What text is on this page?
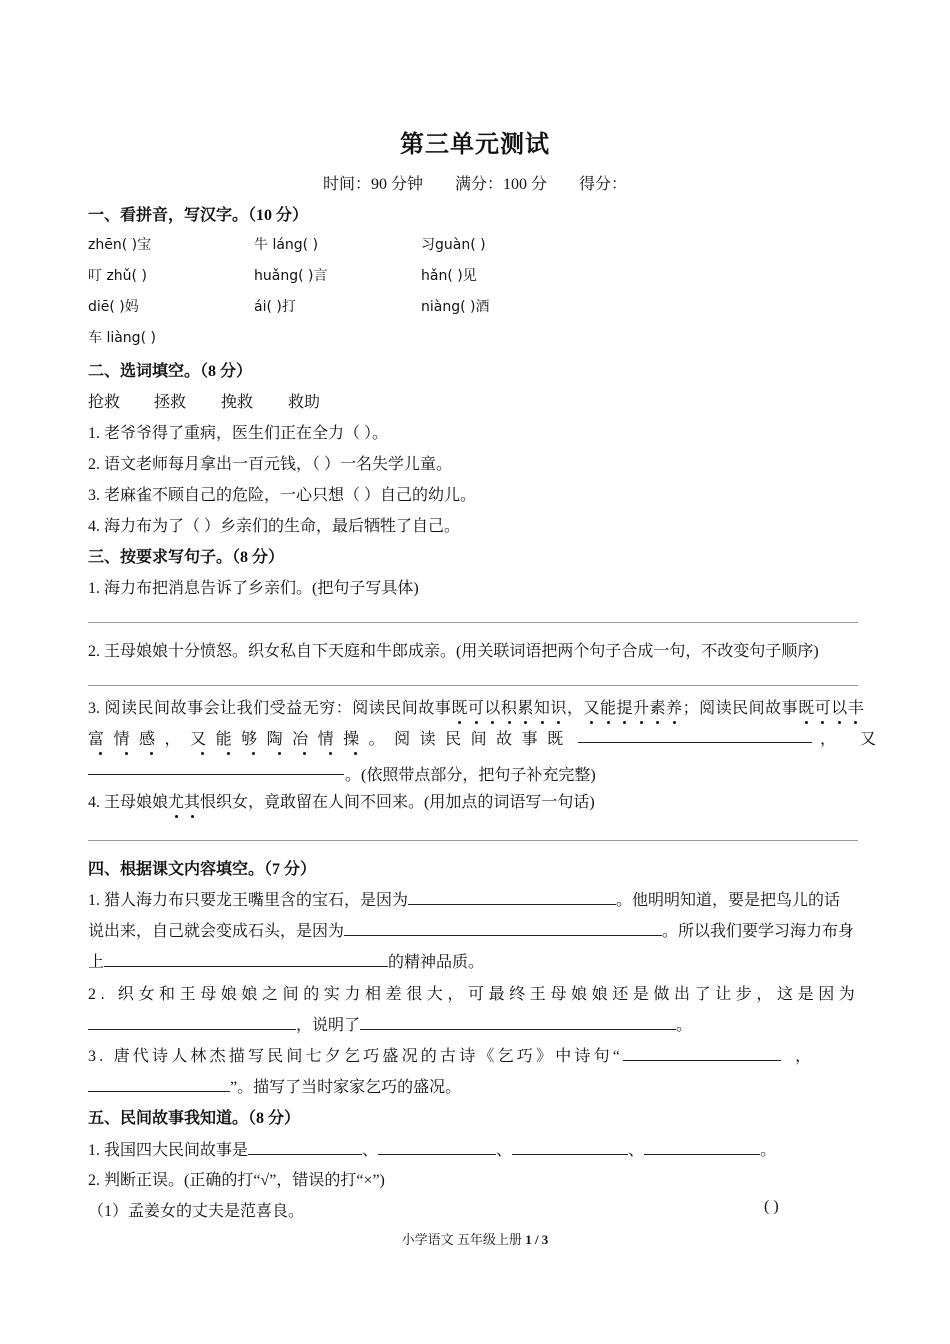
第三单元测试
时间：90 分钟 满分：100 分 得分：
一、看拼音，写汉字。（10 分）
zhēn( )宝	牛 láng( )	习guàn( )
叮 zhǔ( )	huǎng( )言	hǎn( )见
diē( )妈	ái( )打	niàng( )酒
车 liàng( )
二、选词填空。（8 分）
抢救 拯救 挽救 救助
1. 老爷爷得了重病，医生们正在全力（ ）。
2. 语文老师每月拿出一百元钱，（ ）一名失学儿童。
3. 老麻雀不顾自己的危险，一心只想（ ）自己的幼儿。
4. 海力布为了（ ）乡亲们的生命，最后牺牲了自己。
三、按要求写句子。（8 分）
1. 海力布把消息告诉了乡亲们。(把句子写具体)
2. 王母娘娘十分愤怒。织女私自下天庭和牛郎成亲。(用关联词语把两个句子合成一句，不改变句子顺序)
3. 阅读民间故事会让我们受益无穷：阅读民间故事既可以积累知识，又能提升素养；阅读民间故事既可以丰
富情感，又能够陶冶情操。阅读民间故事既	，又
。(依照带点部分，把句子补充完整)
4. 王母娘娘尤其恨织女，竟敢留在人间不回来。(用加点的词语写一句话)
四、根据课文内容填空。（7 分）
1. 猎人海力布只要龙王嘴里含的宝石，是因为	。他明明知道，要是把鸟儿的话
说出来，自己就会变成石头，是因为	。所以我们要学习海力布身
上	的精神品质。
2. 织女和王母娘娘之间的实力相差很大，可最终王母娘娘还是做出了让步，这是因为
，说明了	。
3. 唐代诗人林杰描写民间七夕乞巧盛况的古诗《乞巧》中诗句“	，
”。描写了当时家家乞巧的盛况。
五、民间故事我知道。（8 分）
1. 我国四大民间故事是	、	、	、	。
2. 判断正误。(正确的打“√”，错误的打“×”)
（1）孟姜女的丈夫是范喜良。	( )
小学语文 五年级上册 1 / 3
